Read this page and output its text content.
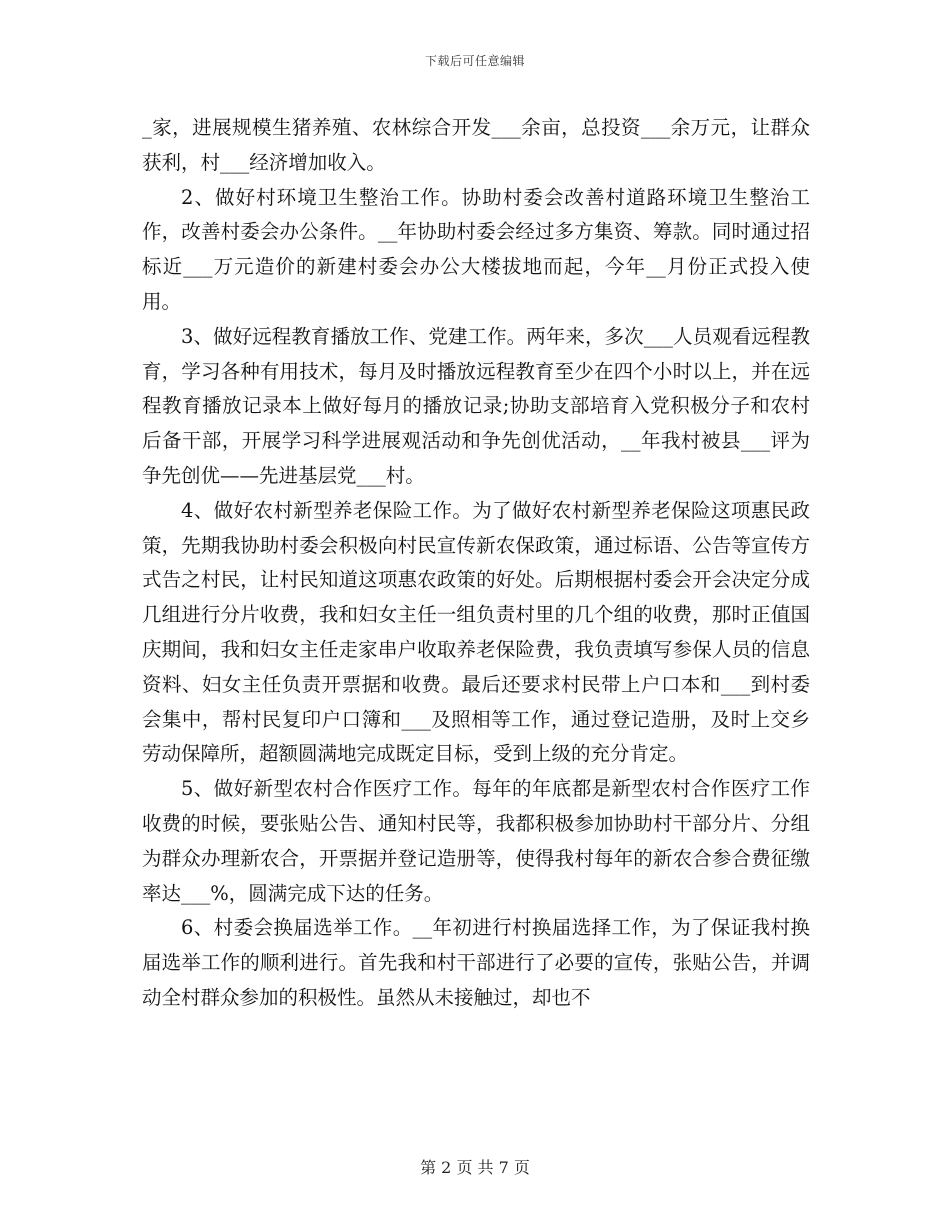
下载后可任意编辑

_家，进展规模生猪养殖、农林综合开发___余亩，总投资___余万元，让群众获利，村___经济增加收入。

2、做好村环境卫生整治工作。协助村委会改善村道路环境卫生整治工作，改善村委会办公条件。__年协助村委会经过多方集资、筹款。同时通过招标近___万元造价的新建村委会办公大楼拔地而起，今年__月份正式投入使用。

3、做好远程教育播放工作、党建工作。两年来，多次___人员观看远程教育，学习各种有用技术，每月及时播放远程教育至少在四个小时以上，并在远程教育播放记录本上做好每月的播放记录;协助支部培育入党积极分子和农村后备干部，开展学习科学进展观活动和争先创优活动，__年我村被县___评为争先创优——先进基层党___村。

4、做好农村新型养老保险工作。为了做好农村新型养老保险这项惠民政策，先期我协助村委会积极向村民宣传新农保政策，通过标语、公告等宣传方式告之村民，让村民知道这项惠农政策的好处。后期根据村委会开会决定分成几组进行分片收费，我和妇女主任一组负责村里的几个组的收费，那时正值国庆期间，我和妇女主任走家串户收取养老保险费，我负责填写参保人员的信息资料、妇女主任负责开票据和收费。最后还要求村民带上户口本和___到村委会集中，帮村民复印户口簿和___及照相等工作，通过登记造册，及时上交乡劳动保障所，超额圆满地完成既定目标，受到上级的充分肯定。

5、做好新型农村合作医疗工作。每年的年底都是新型农村合作医疗工作收费的时候，要张贴公告、通知村民等，我都积极参加协助村干部分片、分组为群众办理新农合，开票据并登记造册等，使得我村每年的新农合参合费征缴率达___%，圆满完成下达的任务。

6、村委会换届选举工作。__年初进行村换届选择工作，为了保证我村换届选举工作的顺利进行。首先我和村干部进行了必要的宣传，张贴公告，并调动全村群众参加的积极性。虽然从未接触过，却也不

第 2 页 共 7 页
